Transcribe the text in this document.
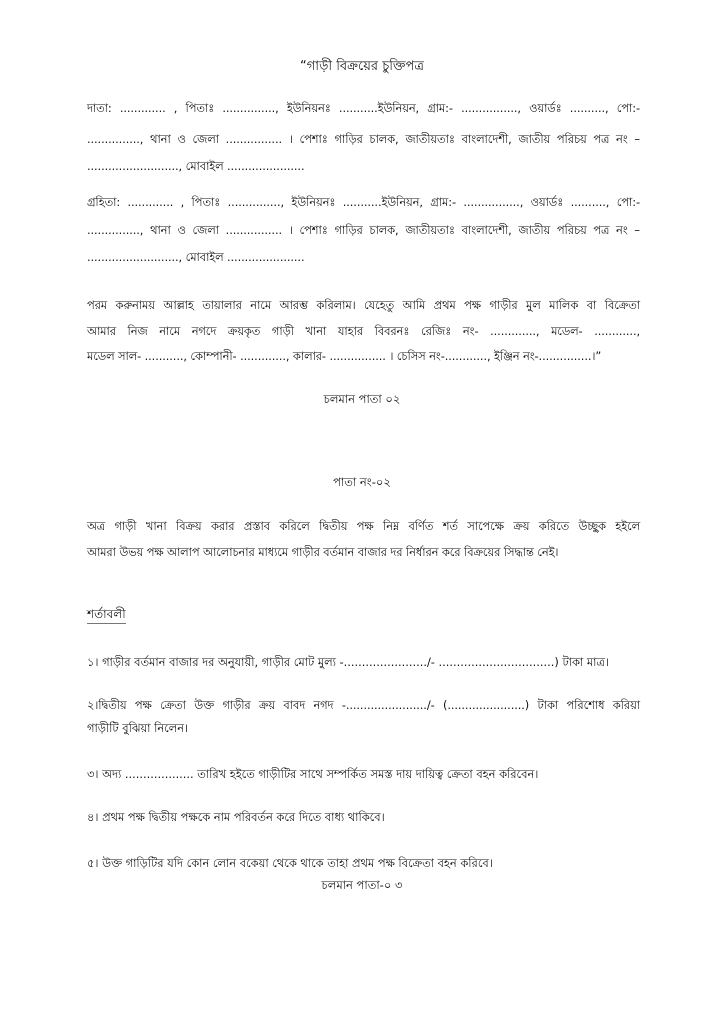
“গাড়ী বিক্রয়ের চুক্তিপত্র
দাতা: ............. , পিতাঃ ..............., ইউনিয়নঃ ...........ইউনিয়ন, গ্রাম:- ................, ওয়ার্ডঃ .........., পো:-
..............., থানা ও জেলা ................ । পেশাঃ গাড়ির চালক, জাতীয়তাঃ বাংলাদেশী, জাতীয় পরিচয় পত্র নং –
.........................., মোবাইল ......................
গ্রহিতা: ............. , পিতাঃ ..............., ইউনিয়নঃ ...........ইউনিয়ন, গ্রাম:- ................, ওয়ার্ডঃ .........., পো:-
..............., থানা ও জেলা ................ । পেশাঃ গাড়ির চালক, জাতীয়তাঃ বাংলাদেশী, জাতীয় পরিচয় পত্র নং –
.........................., মোবাইল ......................
পরম করুনাময় আল্লাহ তায়ালার নামে আরম্ভ করিলাম। যেহেতু আমি প্রথম পক্ষ গাড়ীর মুল মালিক বা বিক্রেতা
আমার নিজ নামে নগদে ক্রয়কৃত গাড়ী খানা যাহার বিবরনঃ রেজিঃ নং- ............., মডেল- ............,
মডেল সাল- ..........., কোম্পানী- ............., কালার- ................ । চেসিস নং-............, ইঞ্জিন নং-...............।”
চলমান পাতা ০২
পাতা নং-০২
অত্র গাড়ী খানা বিক্রয় করার প্রস্তাব করিলে দ্বিতীয় পক্ষ নিম্ন বর্ণিত শর্ত সাপেক্ষে ক্রয় করিতে উচ্ছুক হইলে
আমরা উভয় পক্ষ আলাপ আলোচনার মাধ্যমে গাড়ীর বর্তমান বাজার দর নির্ধারন করে বিক্রয়ের সিদ্ধান্ত নেই।
শর্তাবলী
১। গাড়ীর বর্তমান বাজার দর অনুযায়ী, গাড়ীর মোট মুল্য -......................./- ................................) টাকা মাত্র।
২।দ্বিতীয় পক্ষ ক্রেতা উক্ত গাড়ীর ক্রয় বাবদ নগদ -......................./- (......................) টাকা পরিশোধ করিয়া
গাড়ীটি বুঝিয়া নিলেন।
৩। অদ্য ................... তারিখ হইতে গাড়ীটির সাথে সম্পর্কিত সমস্ত দায় দায়িত্ব ক্রেতা বহন করিবেন।
৪। প্রথম পক্ষ দ্বিতীয় পক্ষকে নাম পরিবর্তন করে দিতে বাধ্য থাকিবে।
৫। উক্ত গাড়িটির যদি কোন লোন বকেয়া থেকে থাকে তাহা প্রথম পক্ষ বিক্রেতা বহন করিবে।
চলমান পাতা-০ ৩
